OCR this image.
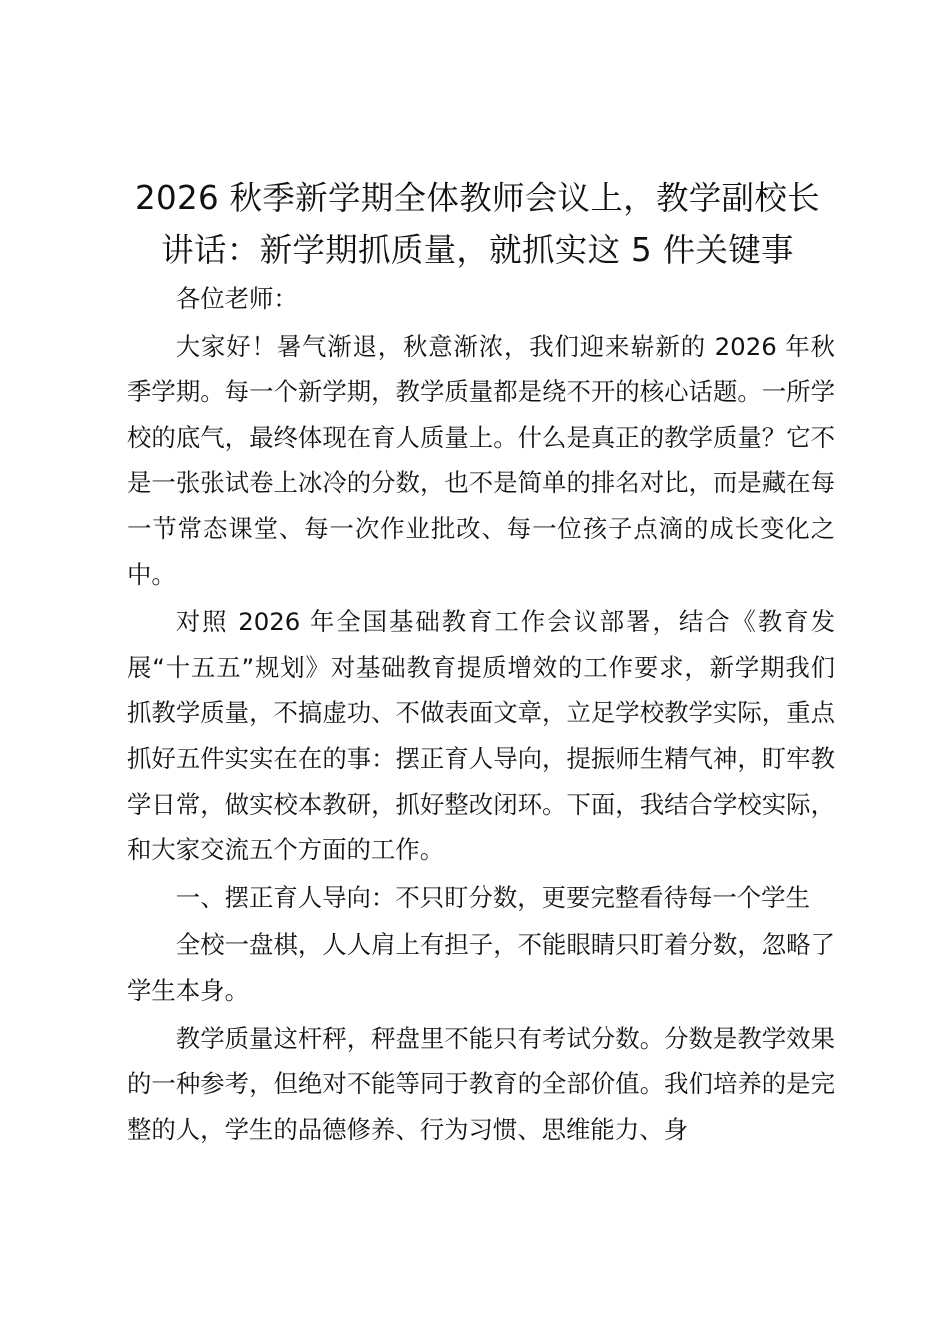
2026 秋季新学期全体教师会议上，教学副校长讲话：新学期抓质量，就抓实这 5 件关键事

各位老师：

大家好！暑气渐退，秋意渐浓，我们迎来崭新的 2026 年秋季学期。每一个新学期，教学质量都是绕不开的核心话题。一所学校的底气，最终体现在育人质量上。什么是真正的教学质量？它不是一张张试卷上冰冷的分数，也不是简单的排名对比，而是藏在每一节常态课堂、每一次作业批改、每一位孩子点滴的成长变化之中。

对照 2026 年全国基础教育工作会议部署，结合《教育发展“十五五”规划》对基础教育提质增效的工作要求，新学期我们抓教学质量，不搞虚功、不做表面文章，立足学校教学实际，重点抓好五件实实在在的事：摆正育人导向，提振师生精气神，盯牢教学日常，做实校本教研，抓好整改闭环。下面，我结合学校实际，和大家交流五个方面的工作。

一、摆正育人导向：不只盯分数，更要完整看待每一个学生

全校一盘棋，人人肩上有担子，不能眼睛只盯着分数，忽略了学生本身。

教学质量这杆秤，秤盘里不能只有考试分数。分数是教学效果的一种参考，但绝对不能等同于教育的全部价值。我们培养的是完整的人，学生的品德修养、行为习惯、思维能力、身
